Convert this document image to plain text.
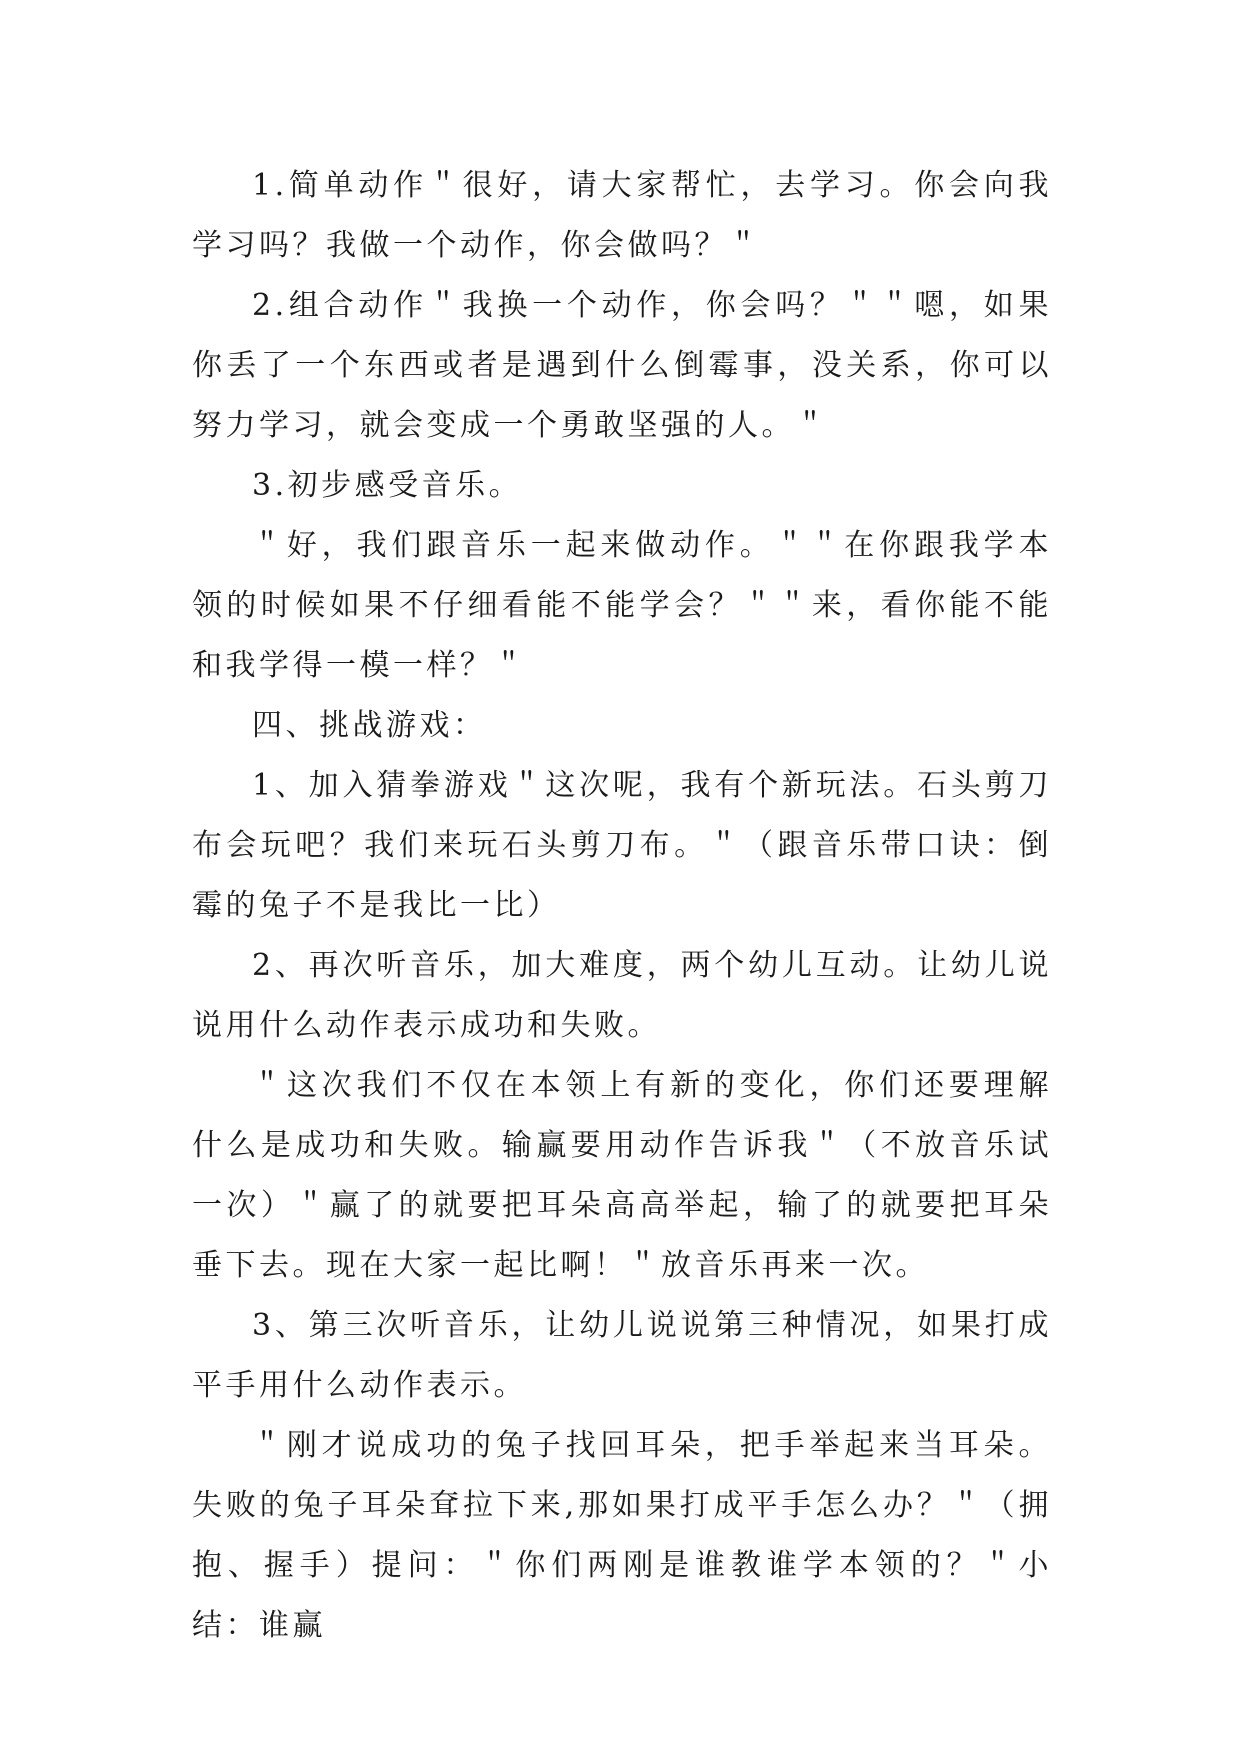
1.简单动作＂很好，请大家帮忙，去学习。你会向我学习吗？我做一个动作，你会做吗？＂

2.组合动作＂我换一个动作，你会吗？＂＂嗯，如果你丢了一个东西或者是遇到什么倒霉事，没关系，你可以努力学习，就会变成一个勇敢坚强的人。＂

3.初步感受音乐。

＂好，我们跟音乐一起来做动作。＂＂在你跟我学本领的时候如果不仔细看能不能学会？＂＂来，看你能不能和我学得一模一样？＂

四、挑战游戏：

1、加入猜拳游戏＂这次呢，我有个新玩法。石头剪刀布会玩吧？我们来玩石头剪刀布。＂（跟音乐带口诀：倒霉的兔子不是我比一比）

2、再次听音乐，加大难度，两个幼儿互动。让幼儿说说用什么动作表示成功和失败。

＂这次我们不仅在本领上有新的变化，你们还要理解什么是成功和失败。输赢要用动作告诉我＂（不放音乐试一次）＂赢了的就要把耳朵高高举起，输了的就要把耳朵垂下去。现在大家一起比啊！＂放音乐再来一次。

3、第三次听音乐，让幼儿说说第三种情况，如果打成平手用什么动作表示。

＂刚才说成功的兔子找回耳朵，把手举起来当耳朵。失败的兔子耳朵耷拉下来,那如果打成平手怎么办？＂（拥抱、握手）提问：＂你们两刚是谁教谁学本领的？＂小结：谁赢
